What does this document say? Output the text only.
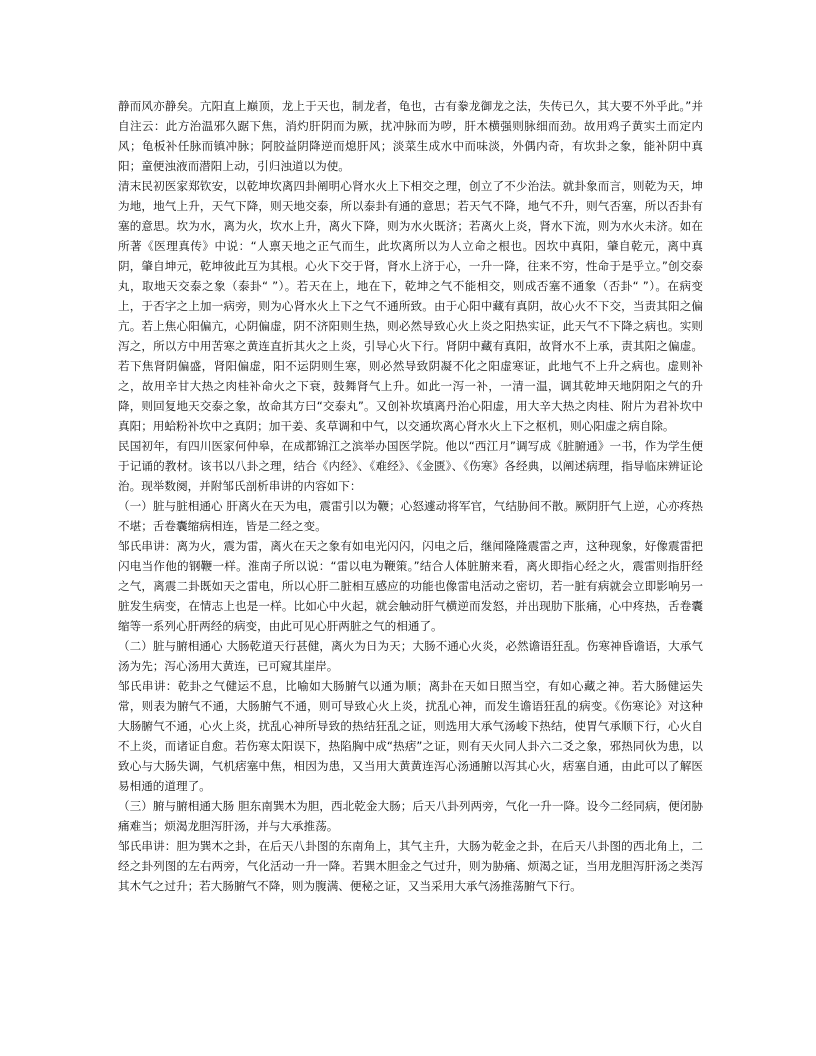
静而风亦静矣。亢阳直上巅顶，龙上于天也，制龙者，龟也，古有豢龙御龙之法，失传已久，其大要不外乎此。”并自注云：此方治温邪久踞下焦，消灼肝阴而为厥，扰冲脉而为哕，肝木横强则脉细而劲。故用鸡子黄实土而定内风；龟板补任脉而镇冲脉；阿胶益阴降逆而熄肝风；淡菜生成水中而味淡，外偶内奇，有坎卦之象，能补阴中真阳；童便浊液而潜阳上动，引归浊道以为使。

清末民初医家郑钦安，以乾坤坎离四卦阐明心肾水火上下相交之理，创立了不少治法。就卦象而言，则乾为天，坤为地，地气上升，天气下降，则天地交泰，所以泰卦有通的意思；若天气不降，地气不升，则气否塞，所以否卦有塞的意思。坎为水，离为火，坎水上升，离火下降，则为水火既济；若离火上炎，肾水下流，则为水火未济。如在所著《医理真传》中说：“人禀天地之正气而生，此坎离所以为人立命之根也。因坎中真阳，肇自乾元，离中真阴，肇自坤元，乾坤彼此互为其根。心火下交于肾，肾水上济于心，一升一降，往来不穷，性命于是乎立。”创交泰丸，取地天交泰之象（泰卦“ ”）。若天在上，地在下，乾坤之气不能相交，则成否塞不通象（否卦“ ”）。在病变上，于否字之上加一病旁，则为心肾水火上下之气不通所致。由于心阳中藏有真阴，故心火不下交，当责其阳之偏亢。若上焦心阳偏亢，心阴偏虚，阴不济阳则生热，则必然导致心火上炎之阳热实证，此天气不下降之病也。实则泻之，所以方中用苦寒之黄连直折其火之上炎，引导心火下行。肾阴中藏有真阳，故肾水不上承，责其阳之偏虚。若下焦肾阴偏盛，肾阳偏虚，阳不运阴则生寒，则必然导致阴凝不化之阳虚寒证，此地气不上升之病也。虚则补之，故用辛甘大热之肉桂补命火之下衰，鼓舞肾气上升。如此一泻一补，一清一温，调其乾坤天地阴阳之气的升降，则回复地天交泰之象，故命其方曰“交泰丸”。又创补坎填离丹治心阳虚，用大辛大热之肉桂、附片为君补坎中真阳；用蛤粉补坎中之真阴；加干姜、炙草调和中气，以交通坎离心肾水火上下之枢机，则心阳虚之病自除。

民国初年，有四川医家何仲皋，在成都锦江之滨举办国医学院。他以“西江月”调写成《脏腑通》一书，作为学生便于记诵的教材。该书以八卦之理，结合《内经》、《难经》、《金匮》、《伤寒》各经典，以阐述病理，指导临床辨证论治。现举数阕，并附邹氏剖析串讲的内容如下：

（一）脏与脏相通心 肝离火在天为电，震雷引以为鞭；心怒遽动将军官，气结胁间不散。厥阴肝气上逆，心亦疼热不堪；舌卷囊缩病相连，皆是二经之变。

邹氏串讲：离为火，震为雷，离火在天之象有如电光闪闪，闪电之后，继闻隆隆震雷之声，这种现象，好像震雷把闪电当作他的钢鞭一样。淮南子所以说：“雷以电为鞭策。”结合人体脏腑来看，离火即指心经之火，震雷则指肝经之气，离震二卦既如天之雷电，所以心肝二脏相互感应的功能也像雷电活动之密切，若一脏有病就会立即影响另一脏发生病变，在情志上也是一样。比如心中火起，就会触动肝气横逆而发怒，并出现肋下胀痛，心中疼热，舌卷囊缩等一系列心肝两经的病变，由此可见心肝两脏之气的相通了。

（二）脏与腑相通心 大肠乾道天行甚健，离火为日为天；大肠不通心火炎，必然谵语狂乱。伤寒神昏谵语，大承气汤为先；泻心汤用大黄连，已可窥其崖岸。

邹氏串讲：乾卦之气健运不息，比喻如大肠腑气以通为顺；离卦在天如日照当空，有如心藏之神。若大肠健运失常，则表为腑气不通，大肠腑气不通，则可导致心火上炎，扰乱心神，而发生谵语狂乱的病变。《伤寒论》对这种大肠腑气不通，心火上炎，扰乱心神所导致的热结狂乱之证，则选用大承气汤峻下热结，使胃气承顺下行，心火自不上炎，而诸证自愈。若伤寒太阳误下，热陷胸中成“热痞”之证，则有天火同人卦六二爻之象，邪热同伙为患，以致心与大肠失调，气机痞塞中焦，相因为患，又当用大黄黄连泻心汤通腑以泻其心火，痞塞自通，由此可以了解医易相通的道理了。

（三）腑与腑相通大肠 胆东南巽木为胆，西北乾金大肠；后天八卦列两旁，气化一升一降。设今二经同病，便闭胁痛难当；烦渴龙胆泻肝汤，并与大承推荡。

邹氏串讲：胆为巽木之卦，在后天八卦图的东南角上，其气主升，大肠为乾金之卦，在后天八卦图的西北角上，二经之卦列图的左右两旁，气化活动一升一降。若巽木胆金之气过升，则为胁痛、烦渴之证，当用龙胆泻肝汤之类泻其木气之过升；若大肠腑气不降，则为腹满、便秘之证，又当采用大承气汤推荡腑气下行。
